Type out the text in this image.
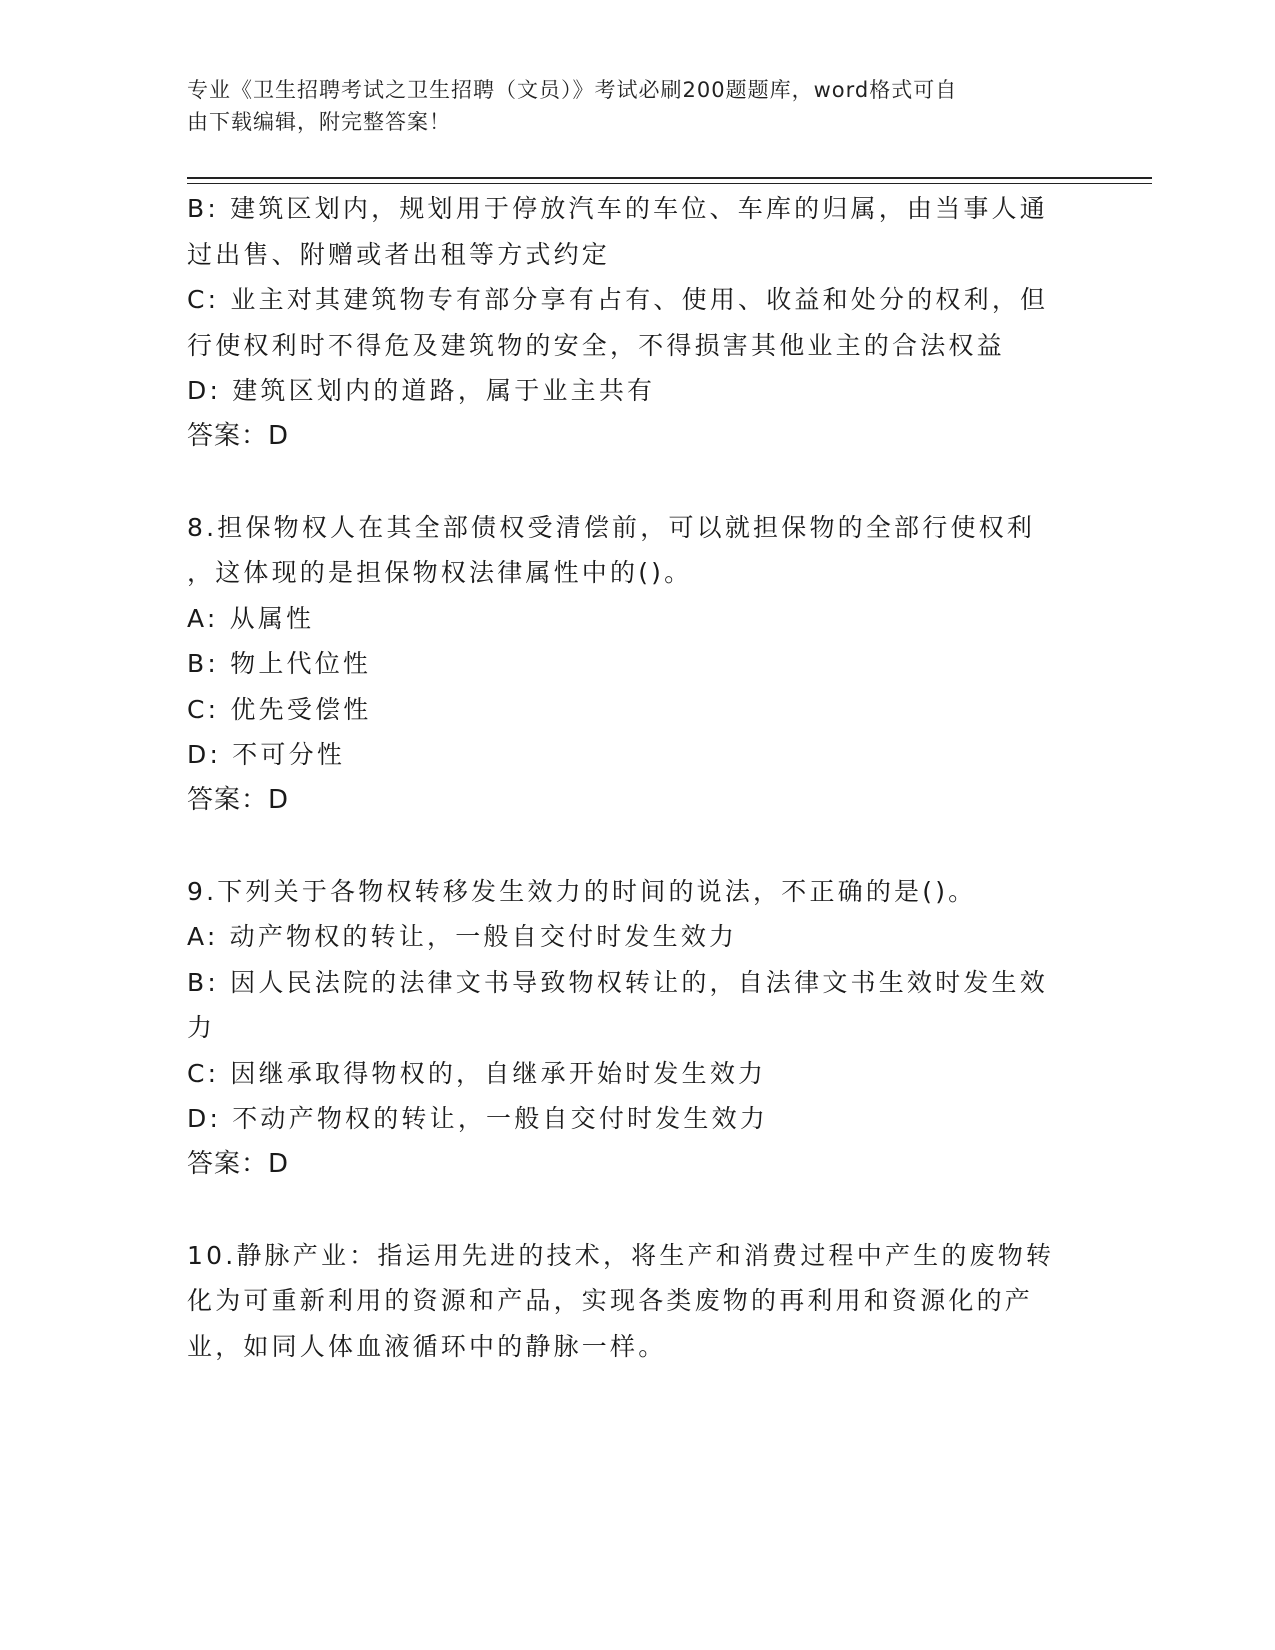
专业《卫生招聘考试之卫生招聘（文员）》考试必刷200题题库，word格式可自
由下载编辑，附完整答案！
B: 建筑区划内，规划用于停放汽车的车位、车库的归属，由当事人通
过出售、附赠或者出租等方式约定
C: 业主对其建筑物专有部分享有占有、使用、收益和处分的权利，但
行使权利时不得危及建筑物的安全，不得损害其他业主的合法权益
D: 建筑区划内的道路，属于业主共有
答案：D
8.担保物权人在其全部债权受清偿前，可以就担保物的全部行使权利
，这体现的是担保物权法律属性中的()。
A: 从属性
B: 物上代位性
C: 优先受偿性
D: 不可分性
答案：D
9.下列关于各物权转移发生效力的时间的说法，不正确的是()。
A: 动产物权的转让，一般自交付时发生效力
B: 因人民法院的法律文书导致物权转让的，自法律文书生效时发生效
力
C: 因继承取得物权的，自继承开始时发生效力
D: 不动产物权的转让，一般自交付时发生效力
答案：D
10.静脉产业：指运用先进的技术，将生产和消费过程中产生的废物转
化为可重新利用的资源和产品，实现各类废物的再利用和资源化的产
业，如同人体血液循环中的静脉一样。
